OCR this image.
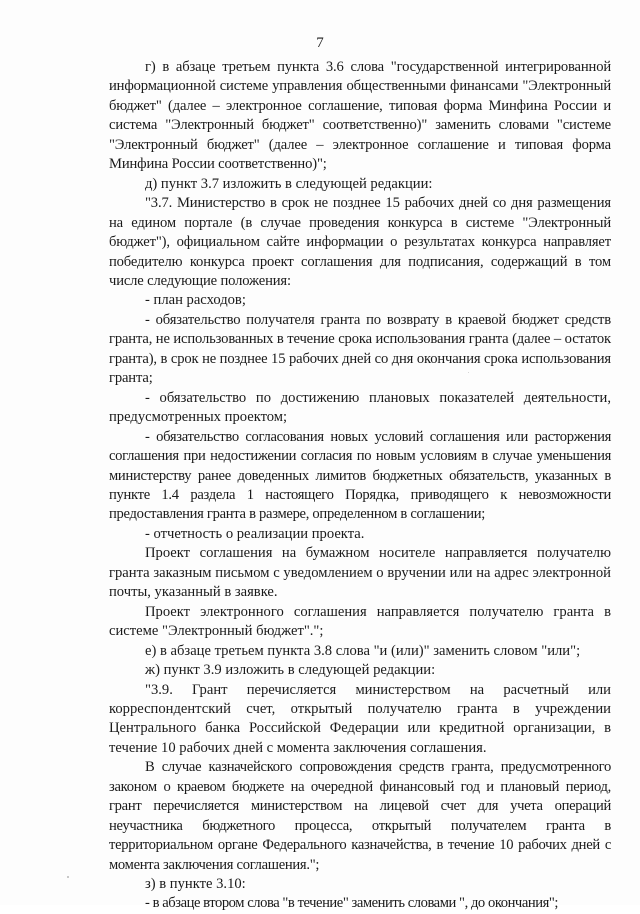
7

г) в абзаце третьем пункта 3.6 слова "государственной интегрированной информационной системе управления общественными финансами "Электронный бюджет" (далее – электронное соглашение, типовая форма Минфина России и система "Электронный бюджет" соответственно)" заменить словами "системе "Электронный бюджет" (далее – электронное соглашение и типовая форма Минфина России соответственно)";

д) пункт 3.7 изложить в следующей редакции:

"3.7. Министерство в срок не позднее 15 рабочих дней со дня размещения на едином портале (в случае проведения конкурса в системе "Электронный бюджет"), официальном сайте информации о результатах конкурса направляет победителю конкурса проект соглашения для подписания, содержащий в том числе следующие положения:

- план расходов;

- обязательство получателя гранта по возврату в краевой бюджет средств гранта, не использованных в течение срока использования гранта (далее – остаток гранта), в срок не позднее 15 рабочих дней со дня окончания срока использования гранта;

- обязательство по достижению плановых показателей деятельности, предусмотренных проектом;

- обязательство согласования новых условий соглашения или расторжения соглашения при недостижении согласия по новым условиям в случае уменьшения министерству ранее доведенных лимитов бюджетных обязательств, указанных в пункте 1.4 раздела 1 настоящего Порядка, приводящего к невозможности предоставления гранта в размере, определенном в соглашении;

- отчетность о реализации проекта.

Проект соглашения на бумажном носителе направляется получателю гранта заказным письмом с уведомлением о вручении или на адрес электронной почты, указанный в заявке.

Проект электронного соглашения направляется получателю гранта в системе "Электронный бюджет".";

е) в абзаце третьем пункта 3.8 слова "и (или)" заменить словом "или";

ж) пункт 3.9 изложить в следующей редакции:

"3.9. Грант перечисляется министерством на расчетный или корреспондентский счет, открытый получателю гранта в учреждении Центрального банка Российской Федерации или кредитной организации, в течение 10 рабочих дней с момента заключения соглашения.

В случае казначейского сопровождения средств гранта, предусмотренного законом о краевом бюджете на очередной финансовый год и плановый период, грант перечисляется министерством на лицевой счет для учета операций неучастника бюджетного процесса, открытый получателем гранта в территориальном органе Федерального казначейства, в течение 10 рабочих дней с момента заключения соглашения.";

з) в пункте 3.10:

- в абзаце втором слова "в течение" заменить словами ", до окончания";
